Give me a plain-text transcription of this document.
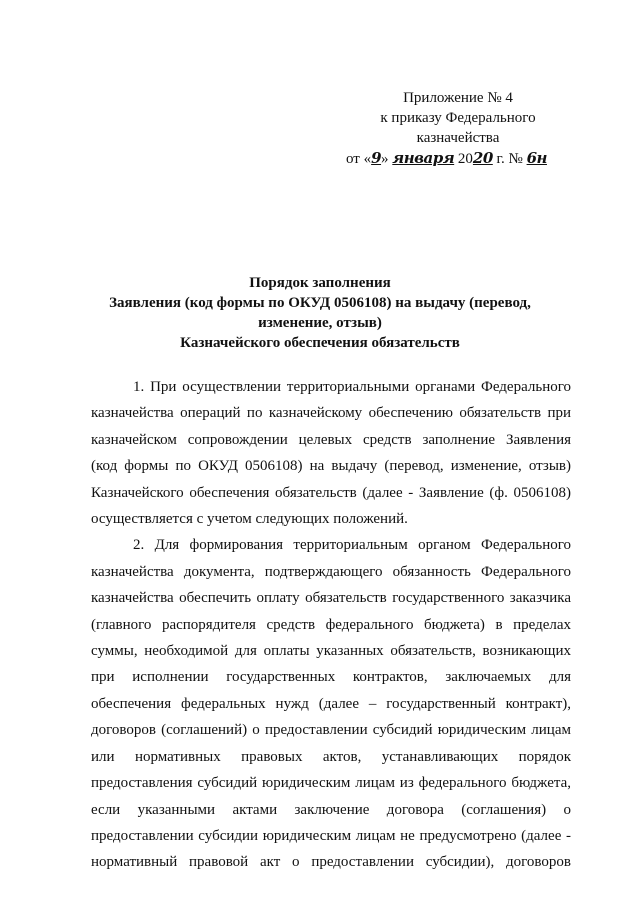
Приложение № 4
к приказу Федерального
казначейства
от «9» января 2020 г. № 6н
Порядок заполнения
Заявления (код формы по ОКУД 0506108) на выдачу (перевод,
изменение, отзыв)
Казначейского обеспечения обязательств

1. При осуществлении территориальными органами Федерального
казначейства операций по казначейскому обеспечению обязательств при
казначейском сопровождении целевых средств заполнение Заявления
(код формы по ОКУД 0506108) на выдачу (перевод, изменение, отзыв)
Казначейского обеспечения обязательств (далее - Заявление (ф. 0506108)
осуществляется с учетом следующих положений.

2. Для формирования территориальным органом Федерального
казначейства документа, подтверждающего обязанность Федерального
казначейства обеспечить оплату обязательств государственного заказчика
(главного распорядителя средств федерального бюджета) в пределах
суммы, необходимой для оплаты указанных обязательств, возникающих
при исполнении государственных контрактов, заключаемых для
обеспечения федеральных нужд (далее – государственный контракт),
договоров (соглашений) о предоставлении субсидий юридическим лицам
или нормативных правовых актов, устанавливающих порядок
предоставления субсидий юридическим лицам из федерального бюджета,
если указанными актами заключение договора (соглашения) о
предоставлении субсидии юридическим лицам не предусмотрено (далее -
нормативный правовой акт о предоставлении субсидии), договоров
